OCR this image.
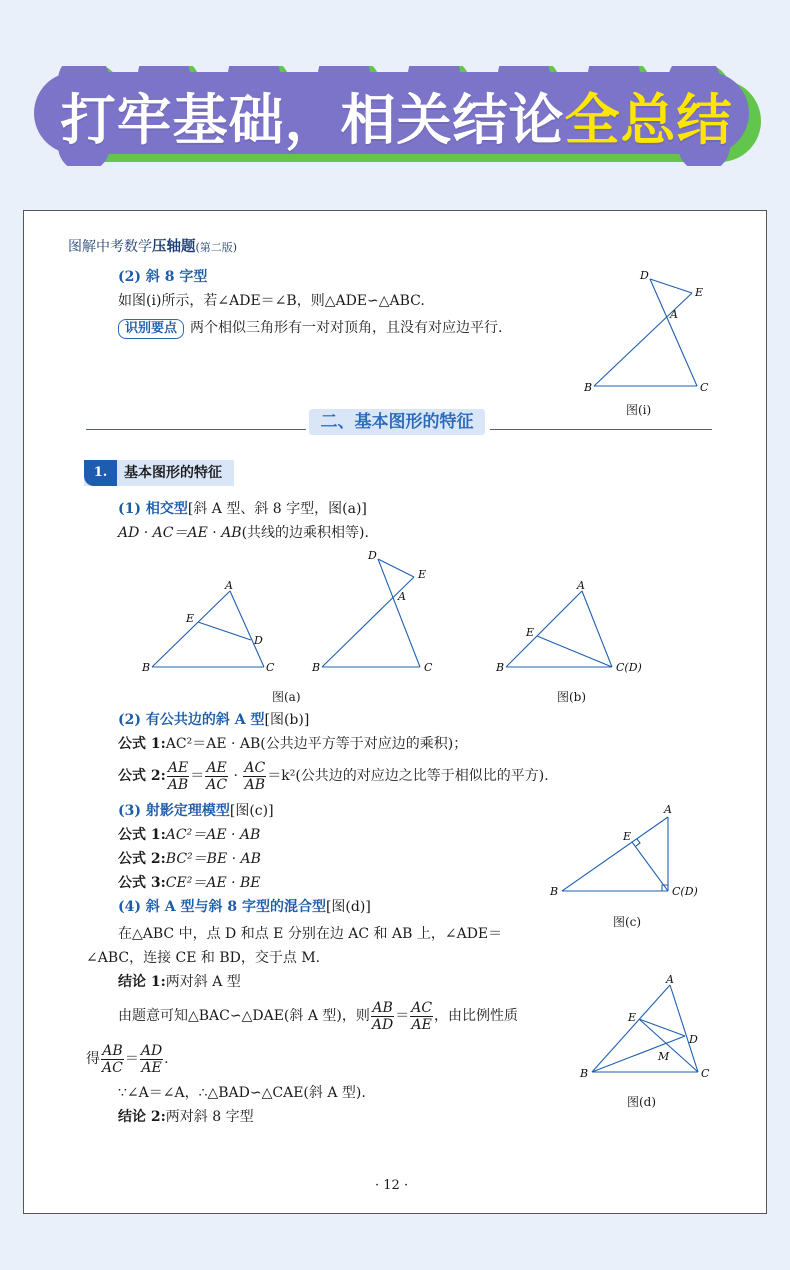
打牢基础，相关结论全总结
图解中考数学压轴题(第二版)
(2) 斜 8 字型
如图(i)所示，若∠ADE＝∠B，则△ADE∽△ABC.
识别要点 两个相似三角形有一对对顶角，且没有对应边平行.
D
E
A
B	C
图(i)
二、基本图形的特征
1.	基本图形的特征
(1) 相交型[斜 A 型、斜 8 字型，图(a)]
AD · AC＝AE · AB(共线的边乘积相等).
A
E
D
B	C
D
E
A
B	C
A
E
B	C(D)
图(a)	图(b)
(2) 有公共边的斜 A 型[图(b)]
公式 1:AC²＝AE · AB(公共边平方等于对应边的乘积)；
公式 2: $\frac{AE}{AB} = \frac{AE}{AC} \cdot \frac{AC}{AB} =k^2$(公共边的对应边之比等于相似比的平方).
(3) 射影定理模型[图(c)]
公式 1:AC²＝AE · AB
公式 2:BC²＝BE · AB
公式 3:CE²＝AE · BE
A
E
B	C(D)
图(c)
(4) 斜 A 型与斜 8 字型的混合型[图(d)]
在△ABC 中，点 D 和点 E 分别在边 AC 和 AB 上，∠ADE＝
∠ABC，连接 CE 和 BD，交于点 M.
结论 1:两对斜 A 型
由题意可知△BAC∽△DAE(斜 A 型)，则 $\frac{AB}{AD} = \frac{AC}{AE}$ ，由比例性质
得 $\frac{AB}{AC} = \frac{AD}{AE}$ .
∵∠A＝∠A，∴△BAD∽△CAE(斜 A 型).
结论 2:两对斜 8 字型
A
E
D
M
B	C
图(d)
· 12 ·
